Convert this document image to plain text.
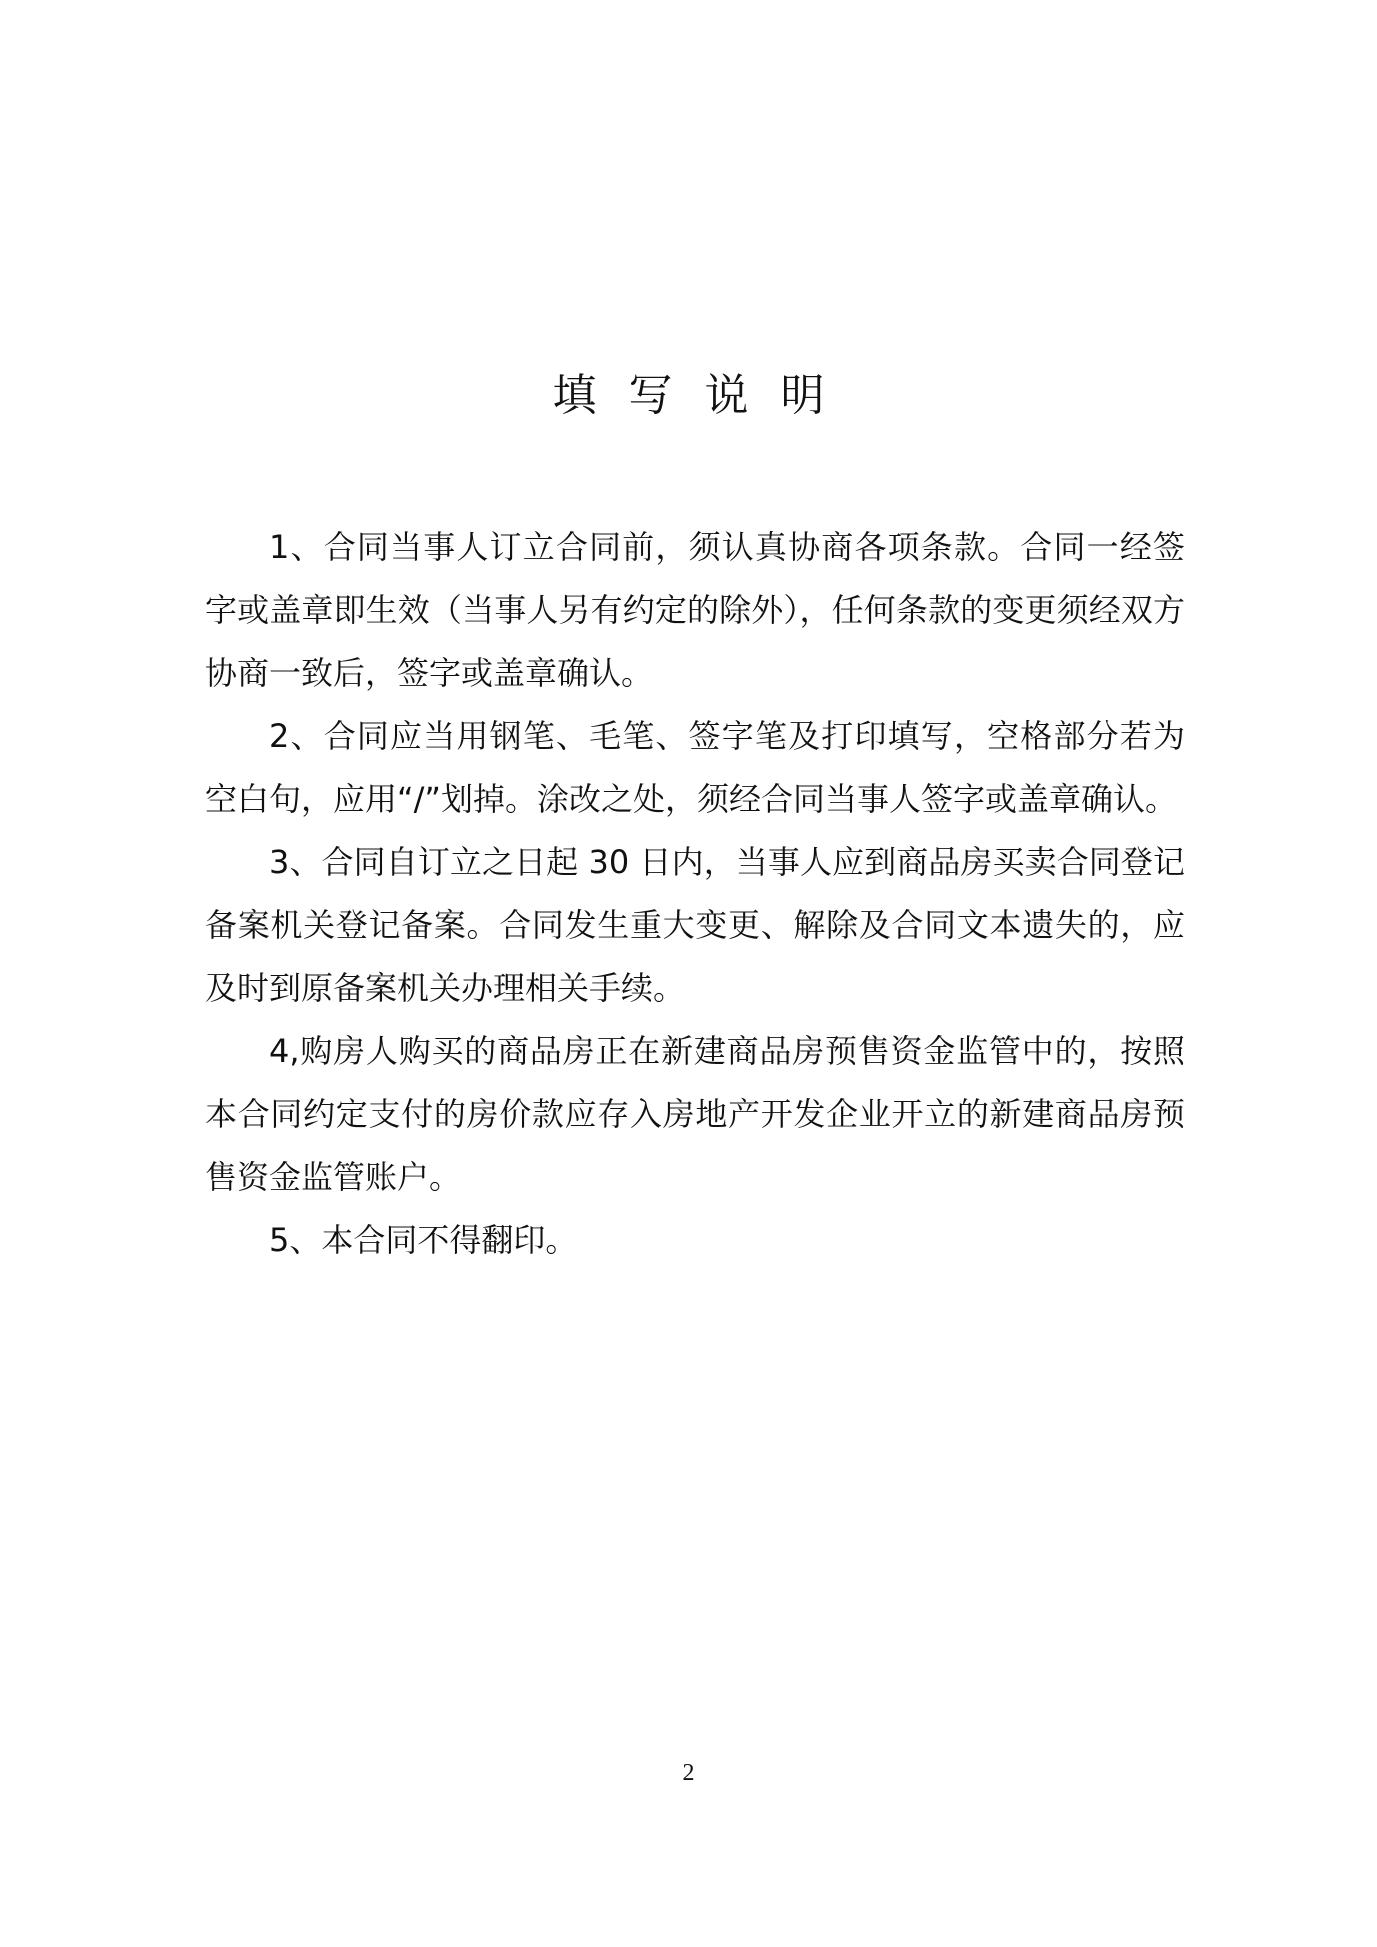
填写说明

1、合同当事人订立合同前，须认真协商各项条款。合同一经签字或盖章即生效（当事人另有约定的除外），任何条款的变更须经双方协商一致后，签字或盖章确认。

2、合同应当用钢笔、毛笔、签字笔及打印填写，空格部分若为空白句，应用“/”划掉。涂改之处，须经合同当事人签字或盖章确认。

3、合同自订立之日起 30 日内，当事人应到商品房买卖合同登记备案机关登记备案。合同发生重大变更、解除及合同文本遗失的，应及时到原备案机关办理相关手续。

4,购房人购买的商品房正在新建商品房预售资金监管中的，按照本合同约定支付的房价款应存入房地产开发企业开立的新建商品房预售资金监管账户。

5、本合同不得翻印。

2
